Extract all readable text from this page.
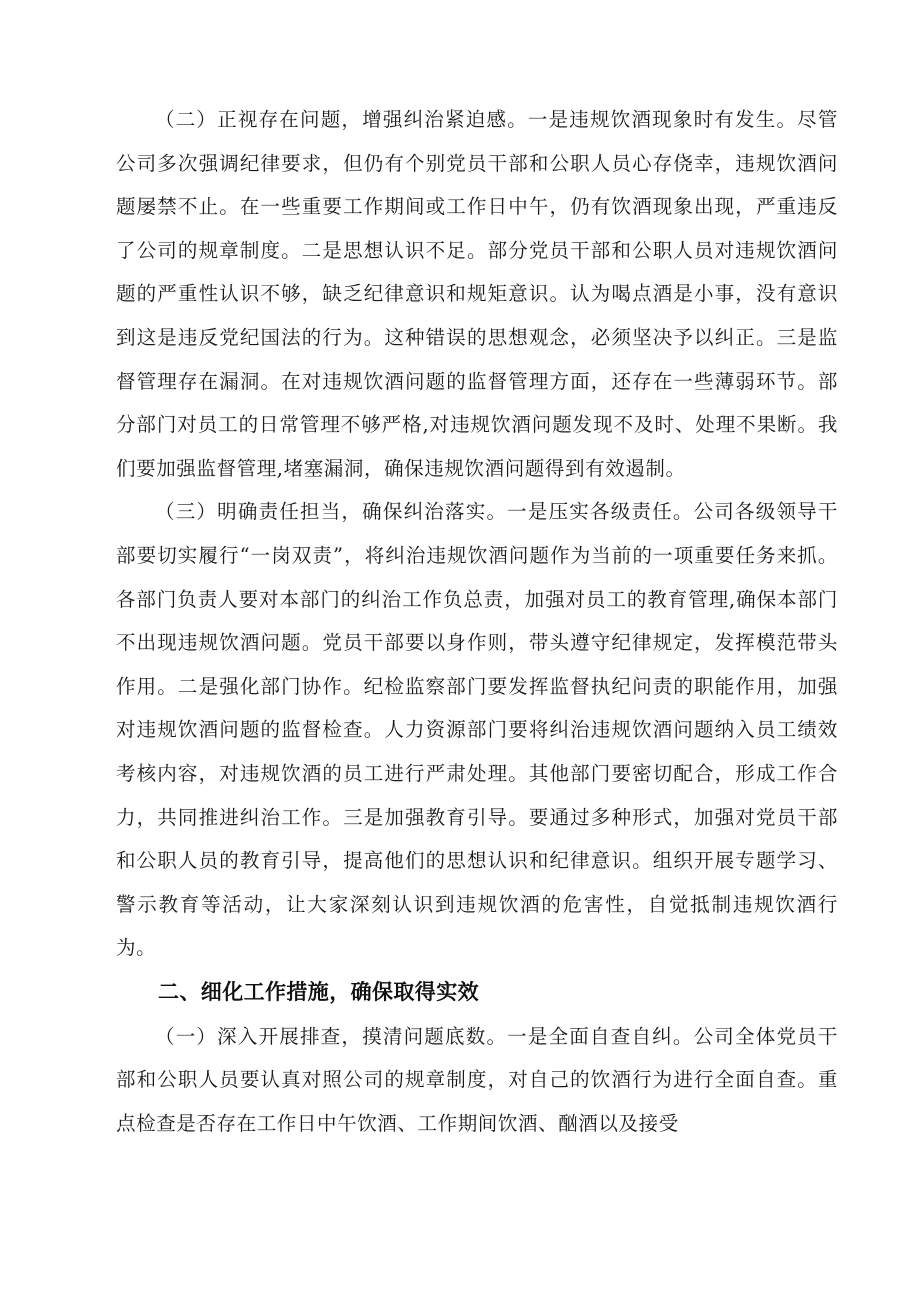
（二）正视存在问题，增强纠治紧迫感。一是违规饮酒现象时有发生。尽管公司多次强调纪律要求，但仍有个别党员干部和公职人员心存侥幸，违规饮酒问题屡禁不止。在一些重要工作期间或工作日中午，仍有饮酒现象出现，严重违反了公司的规章制度。二是思想认识不足。部分党员干部和公职人员对违规饮酒问题的严重性认识不够，缺乏纪律意识和规矩意识。认为喝点酒是小事，没有意识到这是违反党纪国法的行为。这种错误的思想观念，必须坚决予以纠正。三是监督管理存在漏洞。在对违规饮酒问题的监督管理方面，还存在一些薄弱环节。部分部门对员工的日常管理不够严格,对违规饮酒问题发现不及时、处理不果断。我们要加强监督管理,堵塞漏洞，确保违规饮酒问题得到有效遏制。

（三）明确责任担当，确保纠治落实。一是压实各级责任。公司各级领导干部要切实履行“一岗双责”，将纠治违规饮酒问题作为当前的一项重要任务来抓。各部门负责人要对本部门的纠治工作负总责，加强对员工的教育管理,确保本部门不出现违规饮酒问题。党员干部要以身作则，带头遵守纪律规定，发挥模范带头作用。二是强化部门协作。纪检监察部门要发挥监督执纪问责的职能作用，加强对违规饮酒问题的监督检查。人力资源部门要将纠治违规饮酒问题纳入员工绩效考核内容，对违规饮酒的员工进行严肃处理。其他部门要密切配合，形成工作合力，共同推进纠治工作。三是加强教育引导。要通过多种形式，加强对党员干部和公职人员的教育引导，提高他们的思想认识和纪律意识。组织开展专题学习、警示教育等活动，让大家深刻认识到违规饮酒的危害性，自觉抵制违规饮酒行为。

二、细化工作措施，确保取得实效

（一）深入开展排查，摸清问题底数。一是全面自查自纠。公司全体党员干部和公职人员要认真对照公司的规章制度，对自己的饮酒行为进行全面自查。重点检查是否存在工作日中午饮酒、工作期间饮酒、酗酒以及接受
